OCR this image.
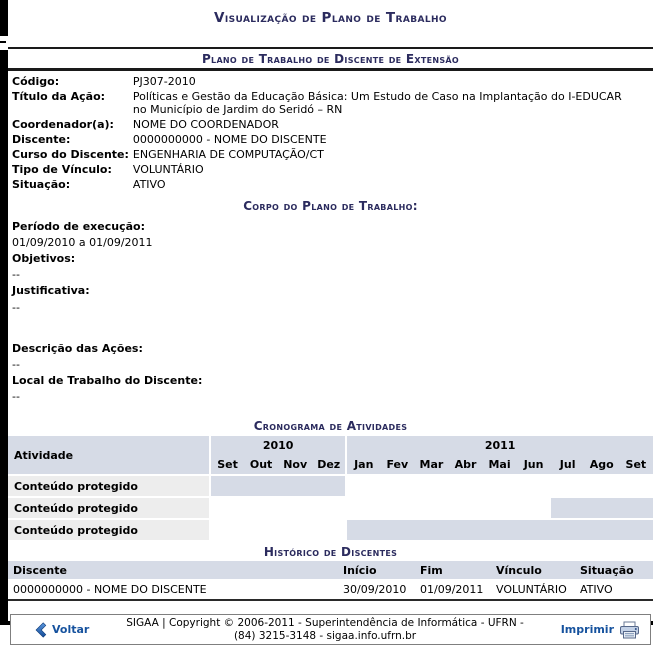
Visualização de Plano de Trabalho
Plano de Trabalho de Discente de Extensão
Código:	PJ307-2010
Título da Ação:	Políticas e Gestão da Educação Básica: Um Estudo de Caso na Implantação do I-EDUCAR no Município de Jardim do Seridó – RN
Coordenador(a):	NOME DO COORDENADOR
Discente:	0000000000 - NOME DO DISCENTE
Curso do Discente:	ENGENHARIA DE COMPUTAÇÃO/CT
Tipo de Vínculo:	VOLUNTÁRIO
Situação:	ATIVO
Corpo do Plano de Trabalho:
Período de execução:
01/09/2010 a 01/09/2011
Objetivos:
--
Justificativa:
--
Descrição das Ações:
--
Local de Trabalho do Discente:
--
Cronograma de Atividades
Atividade	2010				2011								
	Set	Out	Nov	Dez	Jan	Fev	Mar	Abr	Mai	Jun	Jul	Ago	Set
Conteúdo protegido													
Conteúdo protegido													
Conteúdo protegido													
Histórico de Discentes
Discente	Início	Fim	Vínculo	Situação
0000000000 - NOME DO DISCENTE	30/09/2010	01/09/2011	VOLUNTÁRIO	ATIVO
Voltar	SIGAA | Copyright © 2006-2011 - Superintendência de Informática - UFRN -
(84) 3215-3148 - sigaa.info.ufrn.br	Imprimir
